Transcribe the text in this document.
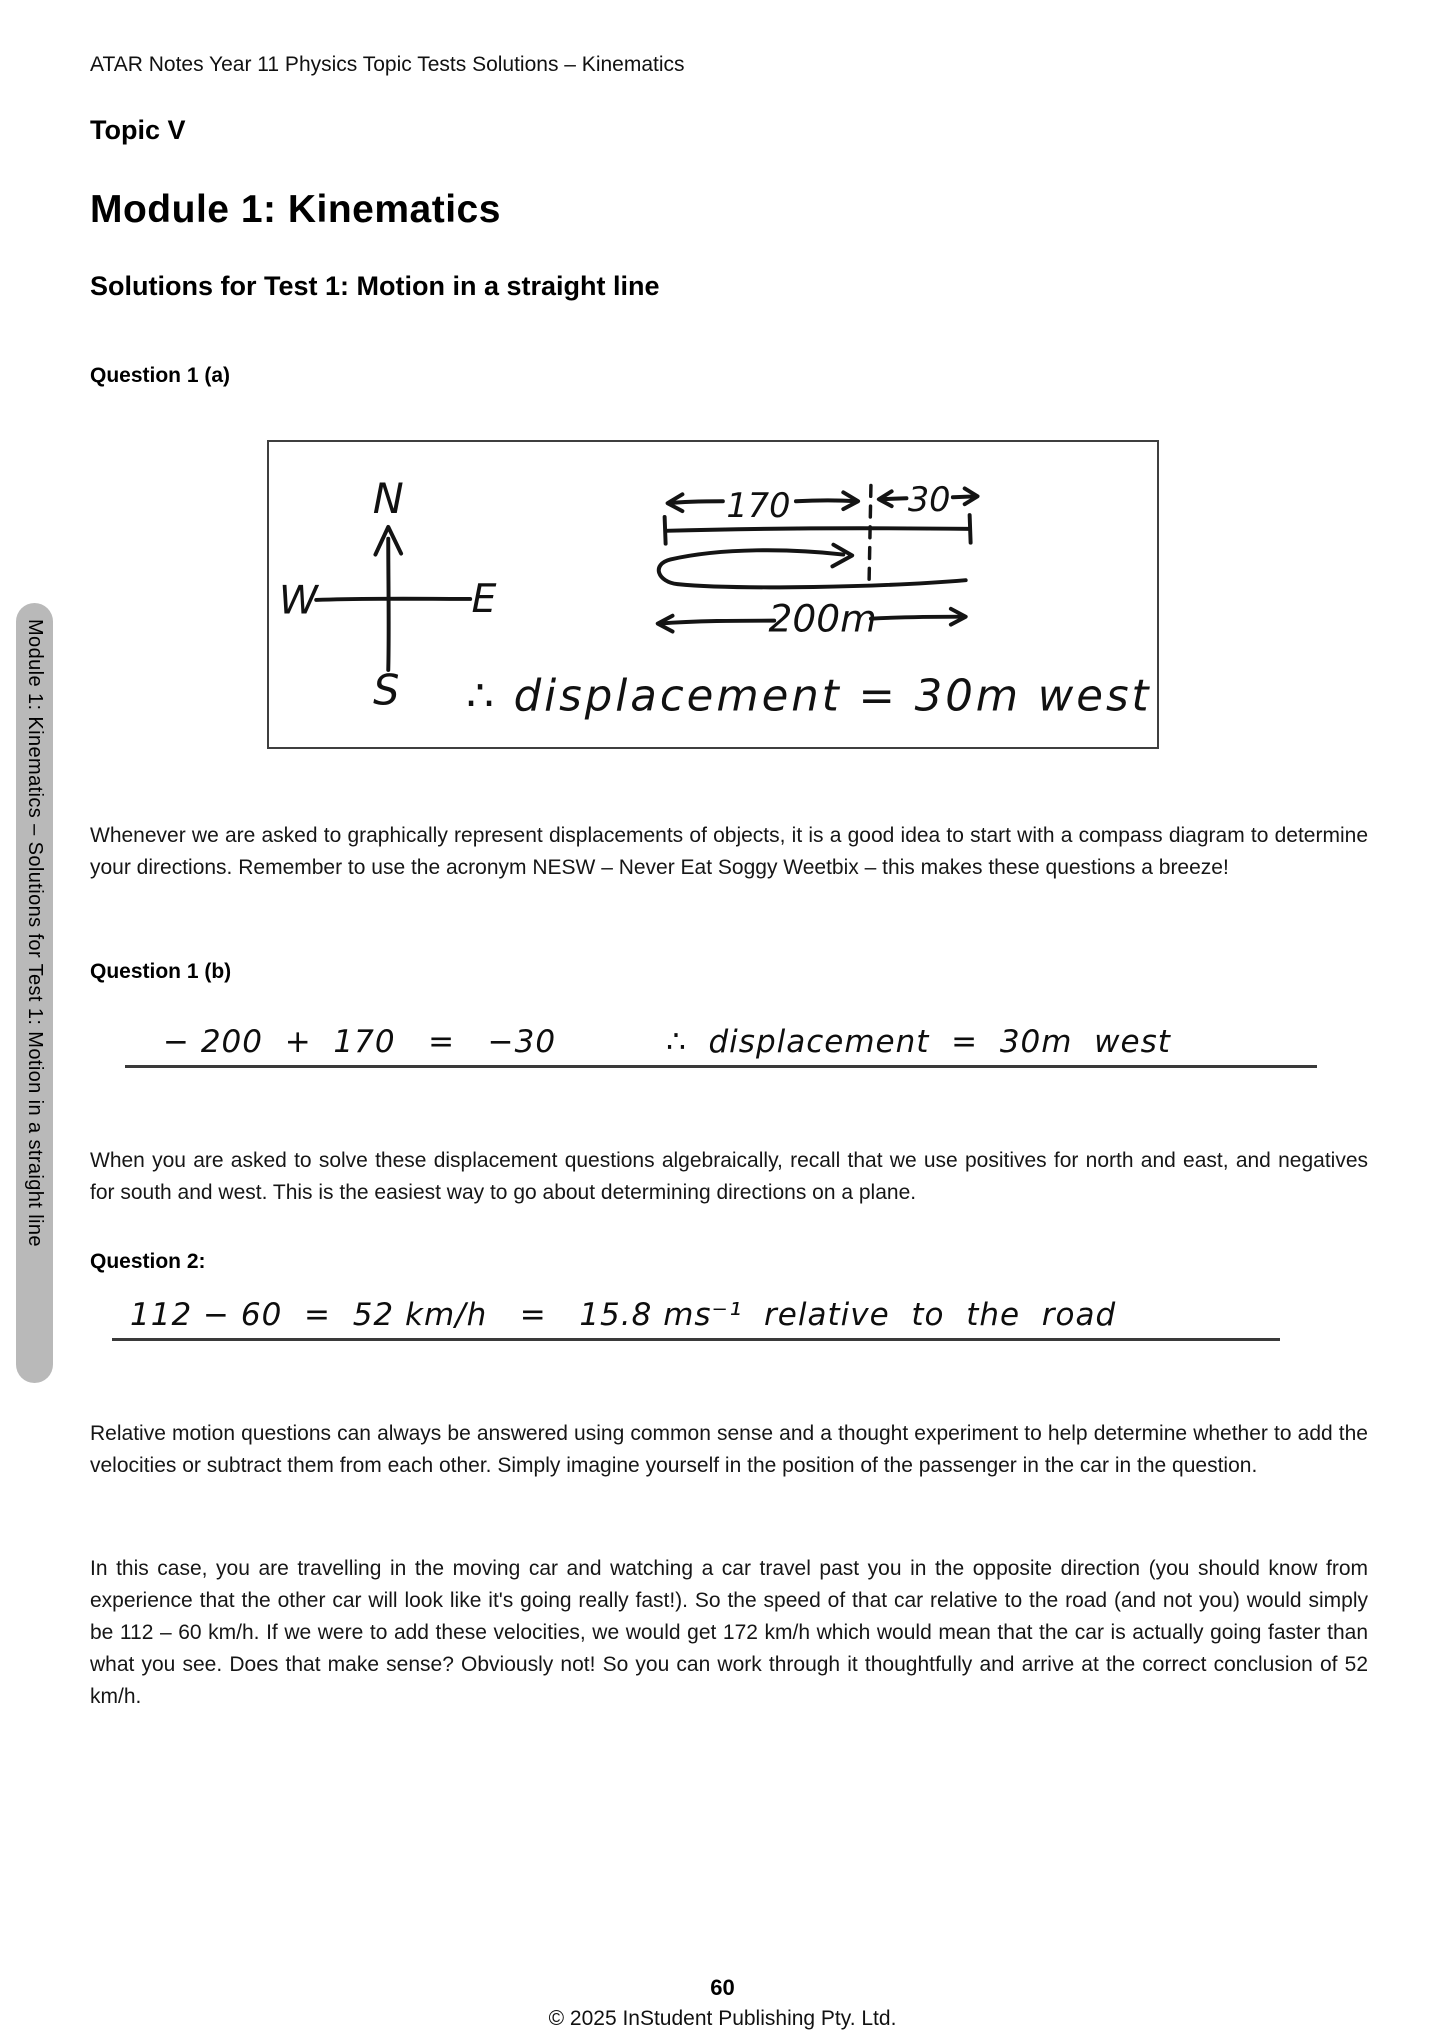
ATAR Notes Year 11 Physics Topic Tests Solutions – Kinematics
Topic V
Module 1: Kinematics
Solutions for Test 1: Motion in a straight line
Question 1 (a)
N
W	E
S
170	30
200m
∴ displacement = 30m west

Whenever we are asked to graphically represent displacements of objects, it is a good idea to start with a compass diagram to determine your directions. Remember to use the acronym NESW – Never Eat Soggy Weetbix – this makes these questions a breeze!

Question 1 (b)
− 200  +  170   =   −30	∴  displacement  =  30m  west

When you are asked to solve these displacement questions algebraically, recall that we use positives for north and east, and negatives for south and west. This is the easiest way to go about determining directions on a plane.

Question 2:
112 − 60  =  52 km/h   =   15.8 ms⁻¹  relative  to  the  road

Relative motion questions can always be answered using common sense and a thought experiment to help determine whether to add the velocities or subtract them from each other. Simply imagine yourself in the position of the passenger in the car in the question.

In this case, you are travelling in the moving car and watching a car travel past you in the opposite direction (you should know from experience that the other car will look like it's going really fast!). So the speed of that car relative to the road (and not you) would simply be 112 – 60 km/h. If we were to add these velocities, we would get 172 km/h which would mean that the car is actually going faster than what you see. Does that make sense? Obviously not! So you can work through it thoughtfully and arrive at the correct conclusion of 52 km/h.

Module 1: Kinematics – Solutions for Test 1: Motion in a straight line
60
© 2025 InStudent Publishing Pty. Ltd.
